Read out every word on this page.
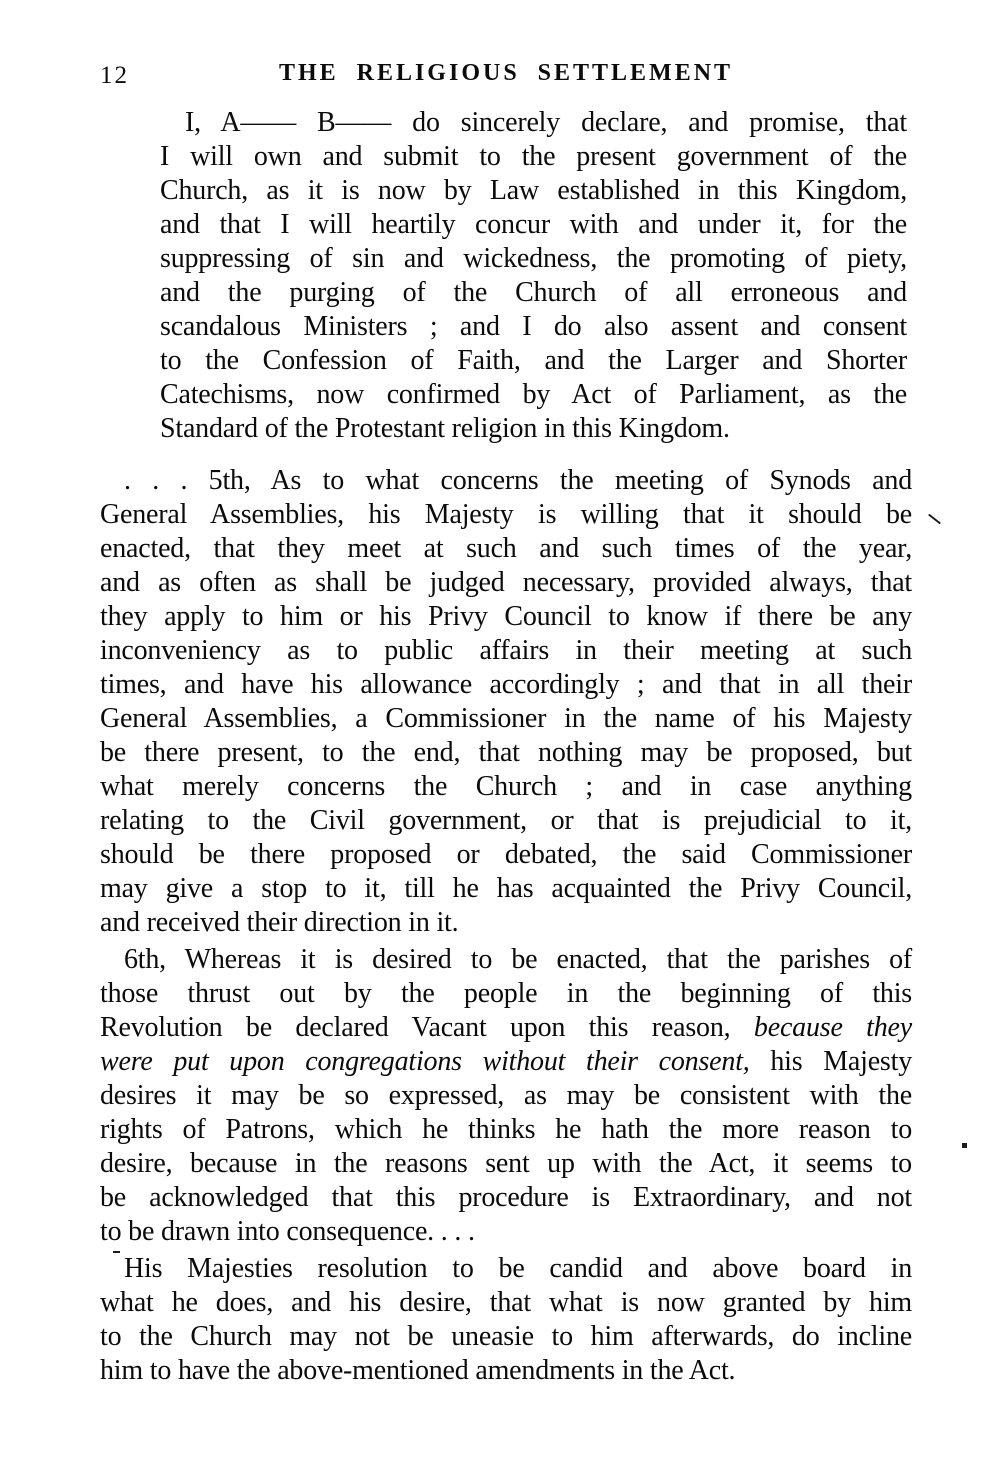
12	THE RELIGIOUS SETTLEMENT
I, A—— B—— do sincerely declare, and promise, that
I will own and submit to the present government of the
Church, as it is now by Law established in this Kingdom,
and that I will heartily concur with and under it, for the
suppressing of sin and wickedness, the promoting of piety,
and the purging of the Church of all erroneous and
scandalous Ministers ; and I do also assent and consent
to the Confession of Faith, and the Larger and Shorter
Catechisms, now confirmed by Act of Parliament, as the
Standard of the Protestant religion in this Kingdom.
. . . 5th, As to what concerns the meeting of Synods and
General Assemblies, his Majesty is willing that it should be
enacted, that they meet at such and such times of the year,
and as often as shall be judged necessary, provided always, that
they apply to him or his Privy Council to know if there be any
inconveniency as to public affairs in their meeting at such
times, and have his allowance accordingly ; and that in all their
General Assemblies, a Commissioner in the name of his Majesty
be there present, to the end, that nothing may be proposed, but
what merely concerns the Church ; and in case anything
relating to the Civil government, or that is prejudicial to it,
should be there proposed or debated, the said Commissioner
may give a stop to it, till he has acquainted the Privy Council,
and received their direction in it.
6th, Whereas it is desired to be enacted, that the parishes of
those thrust out by the people in the beginning of this
Revolution be declared Vacant upon this reason, because they
were put upon congregations without their consent, his Majesty
desires it may be so expressed, as may be consistent with the
rights of Patrons, which he thinks he hath the more reason to
desire, because in the reasons sent up with the Act, it seems to
be acknowledged that this procedure is Extraordinary, and not
to be drawn into consequence. . . .
His Majesties resolution to be candid and above board in
what he does, and his desire, that what is now granted by him
to the Church may not be uneasie to him afterwards, do incline
him to have the above-mentioned amendments in the Act.
